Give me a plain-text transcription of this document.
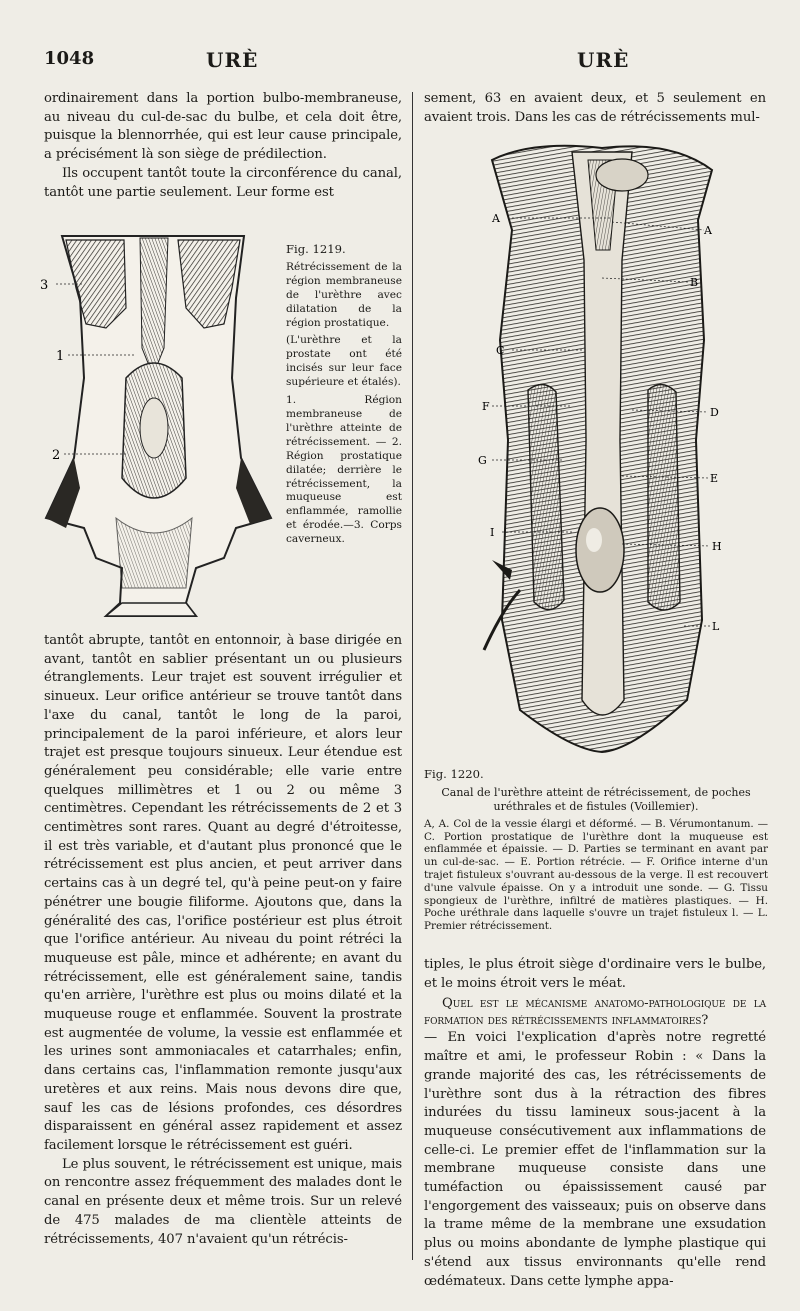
1048	URÈ	URÈ

ordinairement dans la portion bulbo-membraneuse, au niveau du cul-de-sac du bulbe, et cela doit être, puisque la blennorrhée, qui est leur cause principale, a précisément là son siège de prédilection.

Ils occupent tantôt toute la circonférence du canal, tantôt une partie seulement. Leur forme est

3
1
2

Fig. 1219.

Rétrécissement de la région membraneuse de l'urèthre avec dilatation de la région prostatique.

(L'urèthre et la prostate ont été incisés sur leur face supérieure et étalés).

1. Région membraneuse de l'urèthre atteinte de rétrécissement. — 2. Région prostatique dilatée; derrière le rétrécissement, la muqueuse est enflammée, ramollie et érodée.—3. Corps caverneux.

tantôt abrupte, tantôt en entonnoir, à base dirigée en avant, tantôt en sablier présentant un ou plusieurs étranglements. Leur trajet est souvent irrégulier et sinueux. Leur orifice antérieur se trouve tantôt dans l'axe du canal, tantôt le long de la paroi, principalement de la paroi inférieure, et alors leur trajet est presque toujours sinueux. Leur étendue est généralement peu considérable; elle varie entre quelques millimètres et 1 ou 2 ou même 3 centimètres. Cependant les rétrécissements de 2 et 3 centimètres sont rares. Quant au degré d'étroitesse, il est très variable, et d'autant plus prononcé que le rétrécissement est plus ancien, et peut arriver dans certains cas à un degré tel, qu'à peine peut-on y faire pénétrer une bougie filiforme. Ajoutons que, dans la généralité des cas, l'orifice postérieur est plus étroit que l'orifice antérieur. Au niveau du point rétréci la muqueuse est pâle, mince et adhérente; en avant du rétrécissement, elle est généralement saine, tandis qu'en arrière, l'urèthre est plus ou moins dilaté et la muqueuse rouge et enflammée. Souvent la prostrate est augmentée de volume, la vessie est enflammée et les urines sont ammoniacales et catarrhales; enfin, dans certains cas, l'inflammation remonte jusqu'aux uretères et aux reins. Mais nous devons dire que, sauf les cas de lésions profondes, ces désordres disparaissent en général assez rapidement et assez facilement lorsque le rétrécissement est guéri.

Le plus souvent, le rétrécissement est unique, mais on rencontre assez fréquemment des malades dont le canal en présente deux et même trois. Sur un relevé de 475 malades de ma clientèle atteints de rétrécissements, 407 n'avaient qu'un rétrécis-

sement, 63 en avaient deux, et 5 seulement en avaient trois. Dans les cas de rétrécissements mul-

A
A
B
C
F	D
G
E
I
H
L

Fig. 1220.

Canal de l'urèthre atteint de rétrécissement, de poches uréthrales et de fistules (Voillemier).

A, A. Col de la vessie élargi et déformé. — B. Vérumontanum. — C. Portion prostatique de l'urèthre dont la muqueuse est enflammée et épaissie. — D. Parties se terminant en avant par un cul-de-sac. — E. Portion rétrécie. — F. Orifice interne d'un trajet fistuleux s'ouvrant au-dessous de la verge. Il est recouvert d'une valvule épaisse. On y a introduit une sonde. — G. Tissu spongieux de l'urèthre, infiltré de matières plastiques. — H. Poche uréthrale dans laquelle s'ouvre un trajet fistuleux l. — L. Premier rétrécissement.

tiples, le plus étroit siège d'ordinaire vers le bulbe, et le moins étroit vers le méat.

Quel est le mécanisme anatomo-pathologique de la formation des rétrécissements inflammatoires?

— En voici l'explication d'après notre regretté maître et ami, le professeur Robin : « Dans la grande majorité des cas, les rétrécissements de l'urèthre sont dus à la rétraction des fibres indurées du tissu lamineux sous-jacent à la muqueuse consécutivement aux inflammations de celle-ci. Le premier effet de l'inflammation sur la membrane muqueuse consiste dans une tuméfaction ou épaississement causé par l'engorgement des vaisseaux; puis on observe dans la trame même de la membrane une exsudation plus ou moins abondante de lymphe plastique qui s'étend aux tissus environnants qu'elle rend œdémateux. Dans cette lymphe appa-
